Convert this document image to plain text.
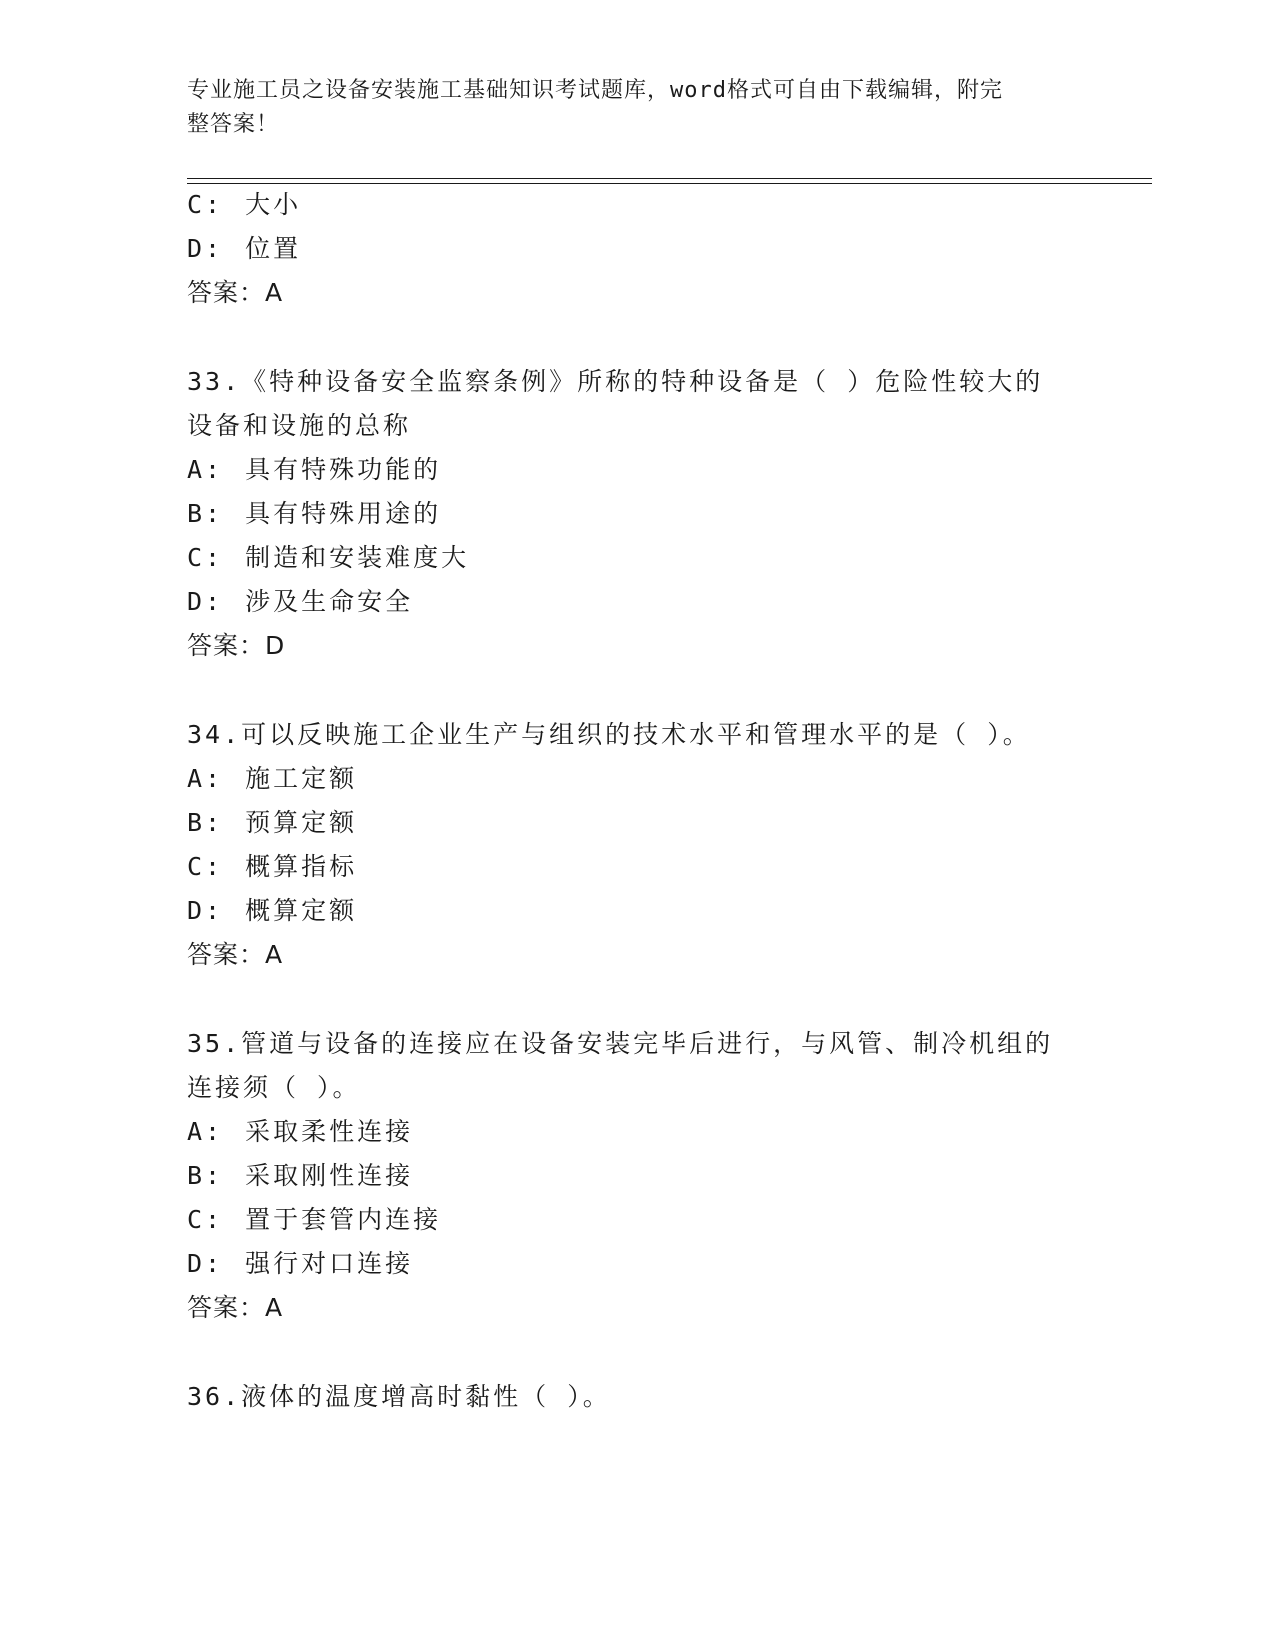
专业施工员之设备安装施工基础知识考试题库，word格式可自由下载编辑，附完
整答案！
C: 大小
D: 位置
答案：A
33.《特种设备安全监察条例》所称的特种设备是（ ）危险性较大的
设备和设施的总称
A: 具有特殊功能的
B: 具有特殊用途的
C: 制造和安装难度大
D: 涉及生命安全
答案：D
34.可以反映施工企业生产与组织的技术水平和管理水平的是（ ）。
A: 施工定额
B: 预算定额
C: 概算指标
D: 概算定额
答案：A
35.管道与设备的连接应在设备安装完毕后进行，与风管、制冷机组的
连接须（ ）。
A: 采取柔性连接
B: 采取刚性连接
C: 置于套管内连接
D: 强行对口连接
答案：A
36.液体的温度增高时黏性（ ）。
